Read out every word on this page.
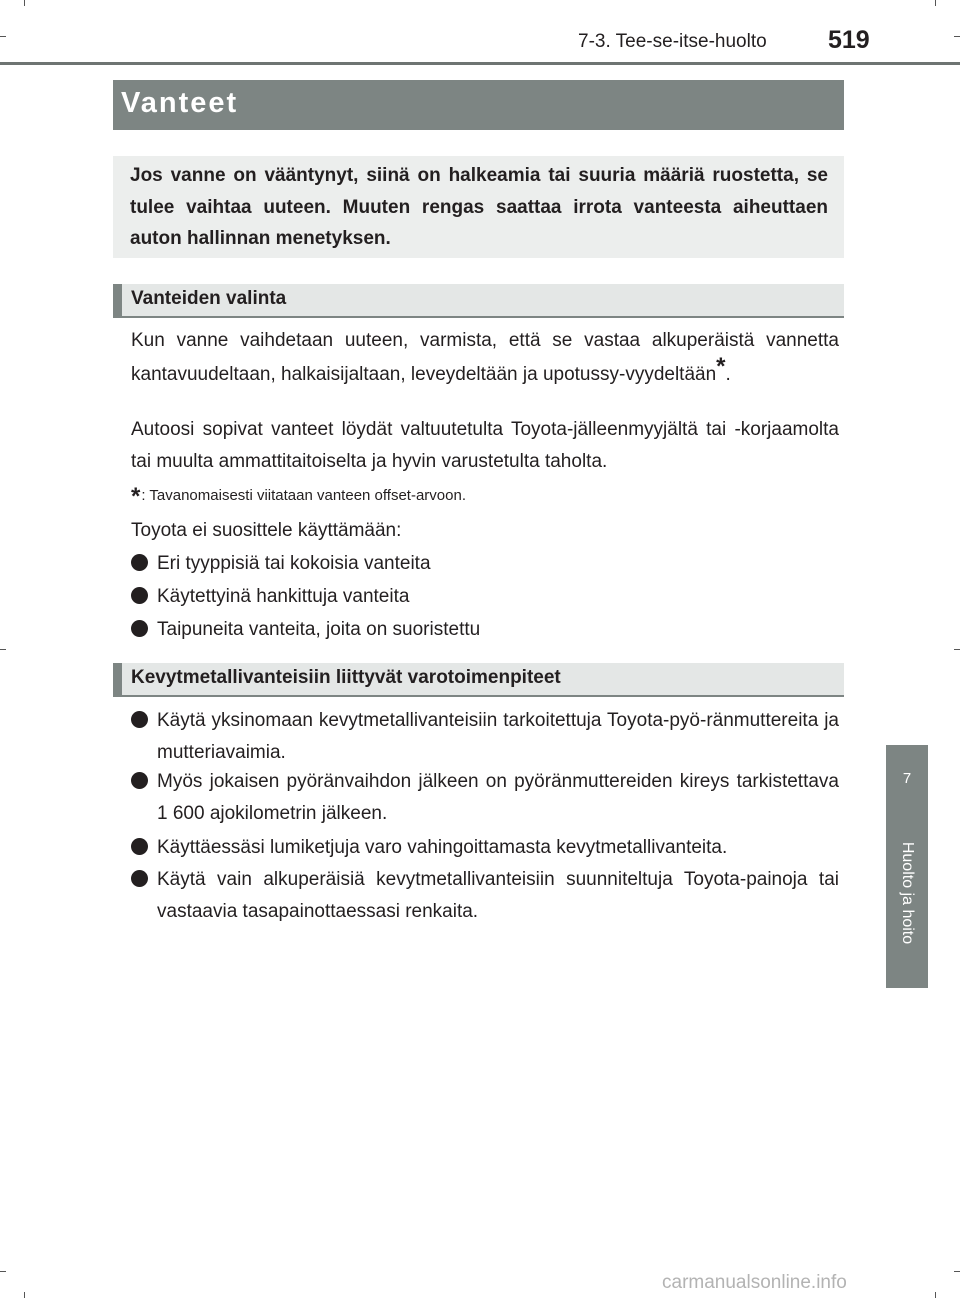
7-3. Tee-se-itse-huolto 519
Vanteet
Jos vanne on vääntynyt, siinä on halkeamia tai suuria määriä ruostetta, se tulee vaihtaa uuteen. Muuten rengas saattaa irrota vanteesta aiheuttaen auton hallinnan menetyksen.
Vanteiden valinta
Kun vanne vaihdetaan uuteen, varmista, että se vastaa alkuperäistä vannetta kantavuudeltaan, halkaisijaltaan, leveydeltään ja upotussy-vyydeltään*.
Autoosi sopivat vanteet löydät valtuutetulta Toyota-jälleenmyyjältä tai -korjaamolta tai muulta ammattitaitoiselta ja hyvin varustetulta taholta.
*: Tavanomaisesti viitataan vanteen offset-arvoon.
Toyota ei suosittele käyttämään:
Eri tyyppisiä tai kokoisia vanteita
Käytettyinä hankittuja vanteita
Taipuneita vanteita, joita on suoristettu
Kevytmetallivanteisiin liittyvät varotoimenpiteet
Käytä yksinomaan kevytmetallivanteisiin tarkoitettuja Toyota-pyö-ränmuttereita ja mutteriavaimia.
Myös jokaisen pyöränvaihdon jälkeen on pyöränmuttereiden kireys tarkistettava 1 600 ajokilometrin jälkeen.
Käyttäessäsi lumiketjuja varo vahingoittamasta kevytmetallivanteita.
Käytä vain alkuperäisiä kevytmetallivanteisiin suunniteltuja Toyota-painoja tai vastaavia tasapainottaessasi renkaita.
7
Huolto ja hoito
carmanualsonline.info
